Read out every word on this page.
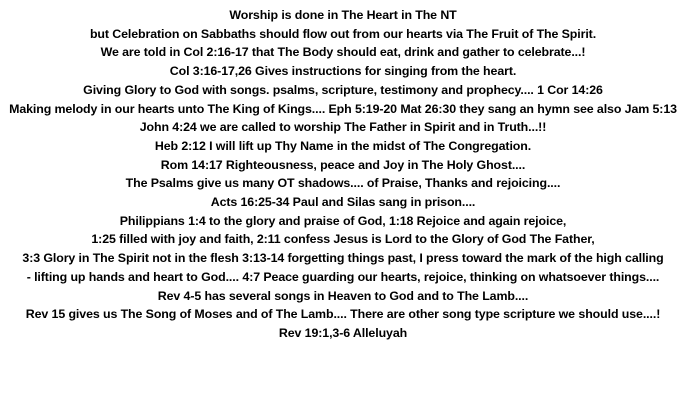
Worship is done in The Heart in The NT but Celebration on Sabbaths should flow out from our hearts via The Fruit of The Spirit. We are told in Col 2:16-17 that The Body should eat, drink and gather to celebrate...! Col 3:16-17,26 Gives instructions for singing from the heart. Giving Glory to God with songs. psalms, scripture, testimony and prophecy.... 1 Cor 14:26 Making melody in our hearts unto The King of Kings.... Eph 5:19-20 Mat 26:30 they sang an hymn see also Jam 5:13 John 4:24 we are called to worship The Father in Spirit and in Truth...!! Heb 2:12 I will lift up Thy Name in the midst of The Congregation. Rom 14:17 Righteousness, peace and Joy in The Holy Ghost.... The Psalms give us many OT shadows.... of Praise, Thanks and rejoicing.... Acts 16:25-34 Paul and Silas sang in prison.... Philippians 1:4 to the glory and praise of God, 1:18 Rejoice and again rejoice, 1:25 filled with joy and faith, 2:11 confess Jesus is Lord to the Glory of God The Father, 3:3 Glory in The Spirit not in the flesh 3:13-14 forgetting things past, I press toward the mark of the high calling - lifting up hands and heart to God.... 4:7 Peace guarding our hearts, rejoice, thinking on whatsoever things.... Rev 4-5 has several songs in Heaven to God and to The Lamb.... Rev 15 gives us The Song of Moses and of The Lamb.... There are other song type scripture we should use....! Rev 19:1,3-6 Alleluyah
